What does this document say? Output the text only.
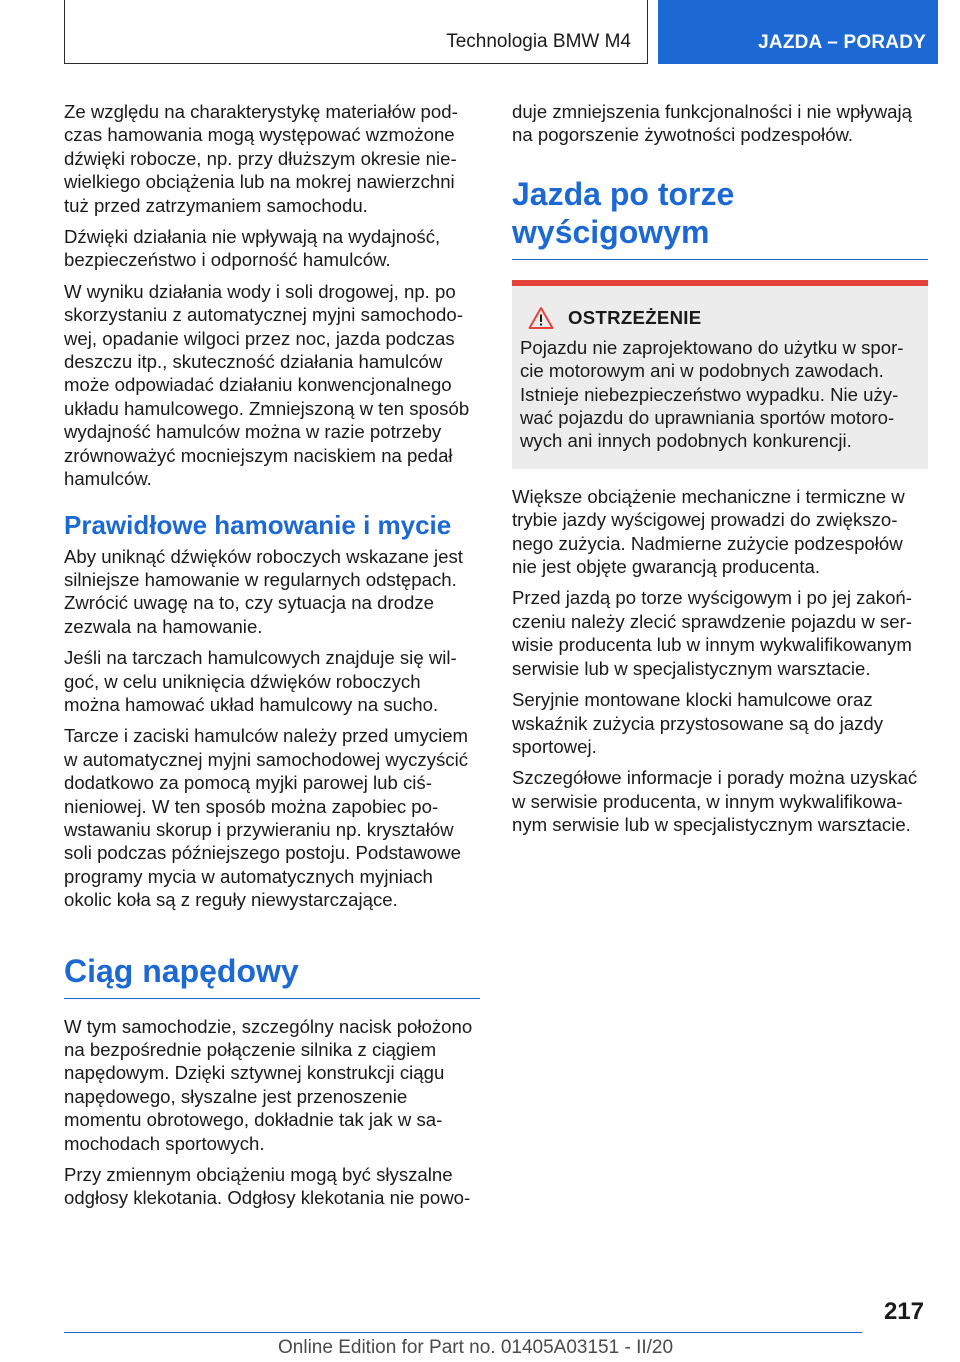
Technologia BMW M4	JAZDA – PORADY

Ze względu na charakterystykę materiałów podczas hamowania mogą występować wzmożone dźwięki robocze, np. przy dłuższym okresie niewielkiego obciążenia lub na mokrej nawierzchni tuż przed zatrzymaniem samochodu.

Dźwięki działania nie wpływają na wydajność, bezpieczeństwo i odporność hamulców.

W wyniku działania wody i soli drogowej, np. po skorzystaniu z automatycznej myjni samochodowej, opadanie wilgoci przez noc, jazda podczas deszczu itp., skuteczność działania hamulców może odpowiadać działaniu konwencjonalnego układu hamulcowego. Zmniejszoną w ten sposób wydajność hamulców można w razie potrzeby zrównoważyć mocniejszym naciskiem na pedał hamulców.

Prawidłowe hamowanie i mycie

Aby uniknąć dźwięków roboczych wskazane jest silniejsze hamowanie w regularnych odstępach. Zwrócić uwagę na to, czy sytuacja na drodze zezwala na hamowanie.

Jeśli na tarczach hamulcowych znajduje się wilgoć, w celu uniknięcia dźwięków roboczych można hamować układ hamulcowy na sucho.

Tarcze i zaciski hamulców należy przed umyciem w automatycznej myjni samochodowej wyczyścić dodatkowo za pomocą myjki parowej lub ciśnieniowej. W ten sposób można zapobiec powstawaniu skorup i przywieraniu np. kryształów soli podczas późniejszego postoju. Podstawowe programy mycia w automatycznych myjniach okolic koła są z reguły niewystarczające.

Ciąg napędowy

W tym samochodzie, szczególny nacisk położono na bezpośrednie połączenie silnika z ciągiem napędowym. Dzięki sztywnej konstrukcji ciągu napędowego, słyszalne jest przenoszenie momentu obrotowego, dokładnie tak jak w samochodach sportowych.

Przy zmiennym obciążeniu mogą być słyszalne odgłosy klekotania. Odgłosy klekotania nie powo-

duje zmniejszenia funkcjonalności i nie wpływają na pogorszenie żywotności podzespołów.

Jazda po torze wyścigowym
OSTRZEŻENIE

Pojazdu nie zaprojektowano do użytku w sporcie motorowym ani w podobnych zawodach. Istnieje niebezpieczeństwo wypadku. Nie używać pojazdu do uprawniania sportów motorowych ani innych podobnych konkurencji.

Większe obciążenie mechaniczne i termiczne w trybie jazdy wyścigowej prowadzi do zwiększonego zużycia. Nadmierne zużycie podzespołów nie jest objęte gwarancją producenta.

Przed jazdą po torze wyścigowym i po jej zakończeniu należy zlecić sprawdzenie pojazdu w serwisie producenta lub w innym wykwalifikowanym serwisie lub w specjalistycznym warsztacie.

Seryjnie montowane klocki hamulcowe oraz wskaźnik zużycia przystosowane są do jazdy sportowej.

Szczegółowe informacje i porady można uzyskać w serwisie producenta, w innym wykwalifikowanym serwisie lub w specjalistycznym warsztacie.

217
Online Edition for Part no. 01405A03151 - II/20
